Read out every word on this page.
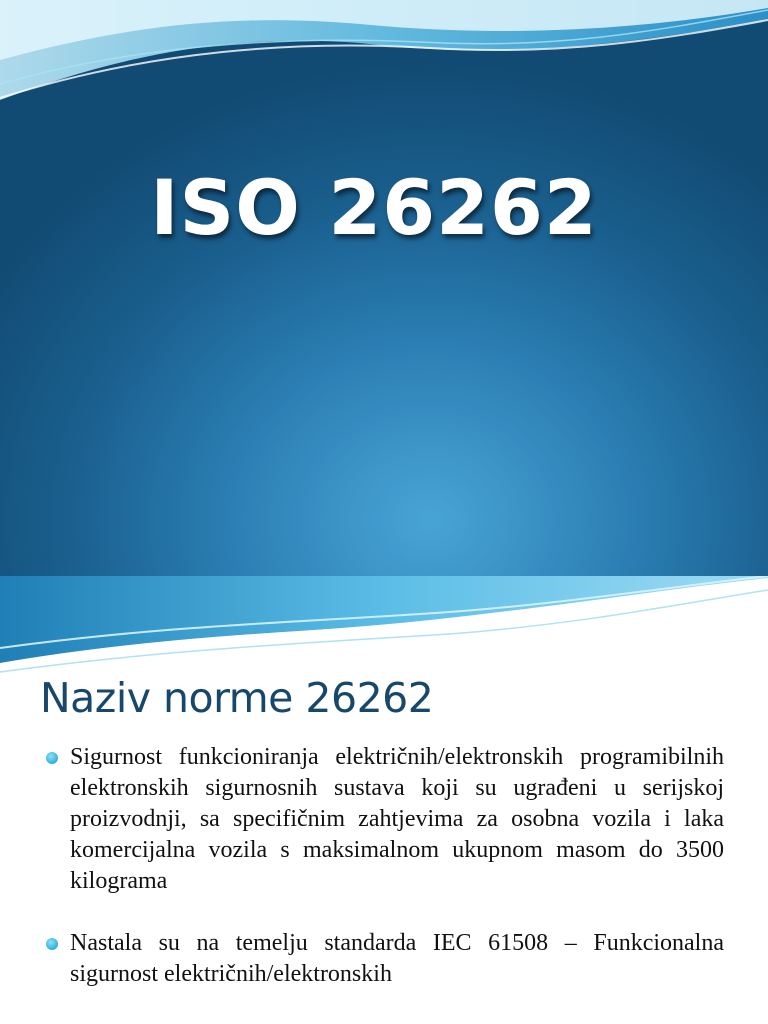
ISO 26262
Naziv norme 26262
Sigurnost funkcioniranja električnih/elektronskih programibilnih elektronskih sigurnosnih sustava koji su ugrađeni u serijskoj proizvodnji, sa specifičnim zahtjevima za osobna vozila i laka komercijalna vozila s maksimalnom ukupnom masom do 3500 kilograma
Nastala su na temelju standarda IEC 61508 – Funkcionalna sigurnost električnih/elektronskih
